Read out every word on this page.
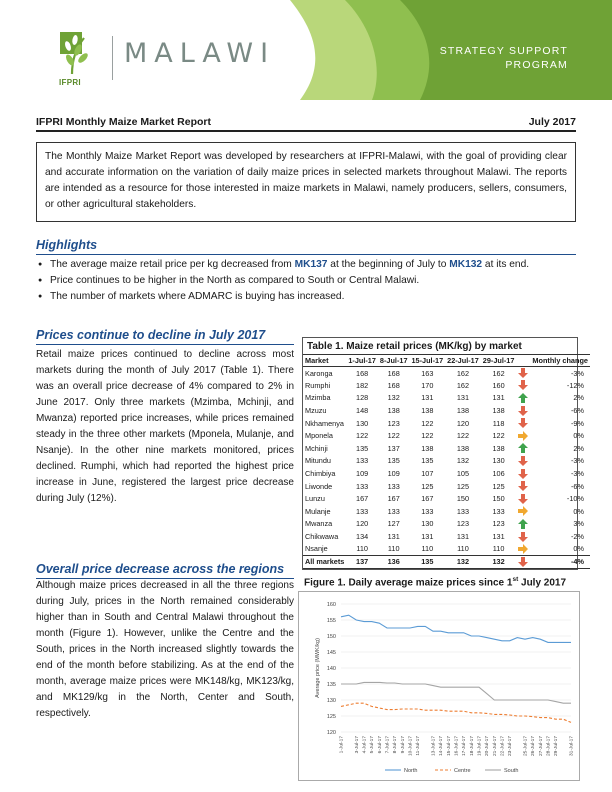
IFPRI
MALAWI	STRATEGY SUPPORT
PROGRAM
IFPRI Monthly Maize Market Report	July 2017
The Monthly Maize Market Report was developed by researchers at IFPRI-Malawi, with the goal of providing clear and accurate information on the variation of daily maize prices in selected markets throughout Malawi. The reports are intended as a resource for those interested in maize markets in Malawi, namely producers, sellers, consumers, or other agricultural stakeholders.
Highlights
● The average maize retail price per kg decreased from MK137 at the beginning of July to MK132 at its end.
● Price continues to be higher in the North as compared to South or Central Malawi.
● The number of markets where ADMARC is buying has increased.
Prices continue to decline in July 2017
Retail maize prices continued to decline across most markets during the month of July 2017 (Table 1). There was an overall price decrease of 4% compared to 2% in June 2017. Only three markets (Mzimba, Mchinji, and Mwanza) reported price increases, while prices remained steady in the three other markets (Mponela, Mulanje, and Nsanje). In the other nine markets monitored, prices declined. Rumphi, which had reported the highest price increase in June, registered the largest price decrease during July (12%).
Table 1. Maize retail prices (MK/kg) by market
Market	1-Jul-17	8-Jul-17	15-Jul-17	22-Jul-17	29-Jul-17		Monthly change
Karonga	168	168	163	162	162		-3%
Rumphi	182	168	170	162	160		-12%
Mzimba	128	132	131	131	131		2%
Mzuzu	148	138	138	138	138		-6%
Nkhamenya	130	123	122	120	118		-9%
Mponela	122	122	122	122	122		0%
Mchinji	135	137	138	138	138		2%
Mitundu	133	135	135	132	130		-3%
Chimbiya	109	109	107	105	106		-3%
Liwonde	133	133	125	125	125		-6%
Lunzu	167	167	167	150	150		-10%
Mulanje	133	133	133	133	133		0%
Mwanza	120	127	130	123	123		3%
Chikwawa	134	131	131	131	131		-2%
Nsanje	110	110	110	110	110		0%
All markets	137	136	135	132	132		-4%
Overall price decrease across the regions
Although maize prices decreased in all the three regions during July, prices in the North remained considerably higher than in South and Central Malawi throughout the month (Figure 1). However, unlike the Centre and the South, prices in the North increased slightly towards the end of the month before stabilizing. As at the end of the month, average maize prices were MK148/kg, MK123/kg, and MK129/kg in the North, Center and South, respectively.
Figure 1. Daily average maize prices since 1st July 2017
120
125
130
135
140
145
150
155
160
Average price (MWK/kg)
1-Jul-17 3-Jul-17 4-Jul-17 5-Jul-17 6-Jul-17 7-Jul-17 8-Jul-17 9-Jul-17 10-Jul-17 11-Jul-17 13-Jul-17 14-Jul-17 15-Jul-17 16-Jul-17 17-Jul-17 18-Jul-17 19-Jul-17 20-Jul-17 21-Jul-17 22-Jul-17 23-Jul-17 25-Jul-17 26-Jul-17 27-Jul-17 28-Jul-17 29-Jul-17 31-Jul-17
North	Centre	South
